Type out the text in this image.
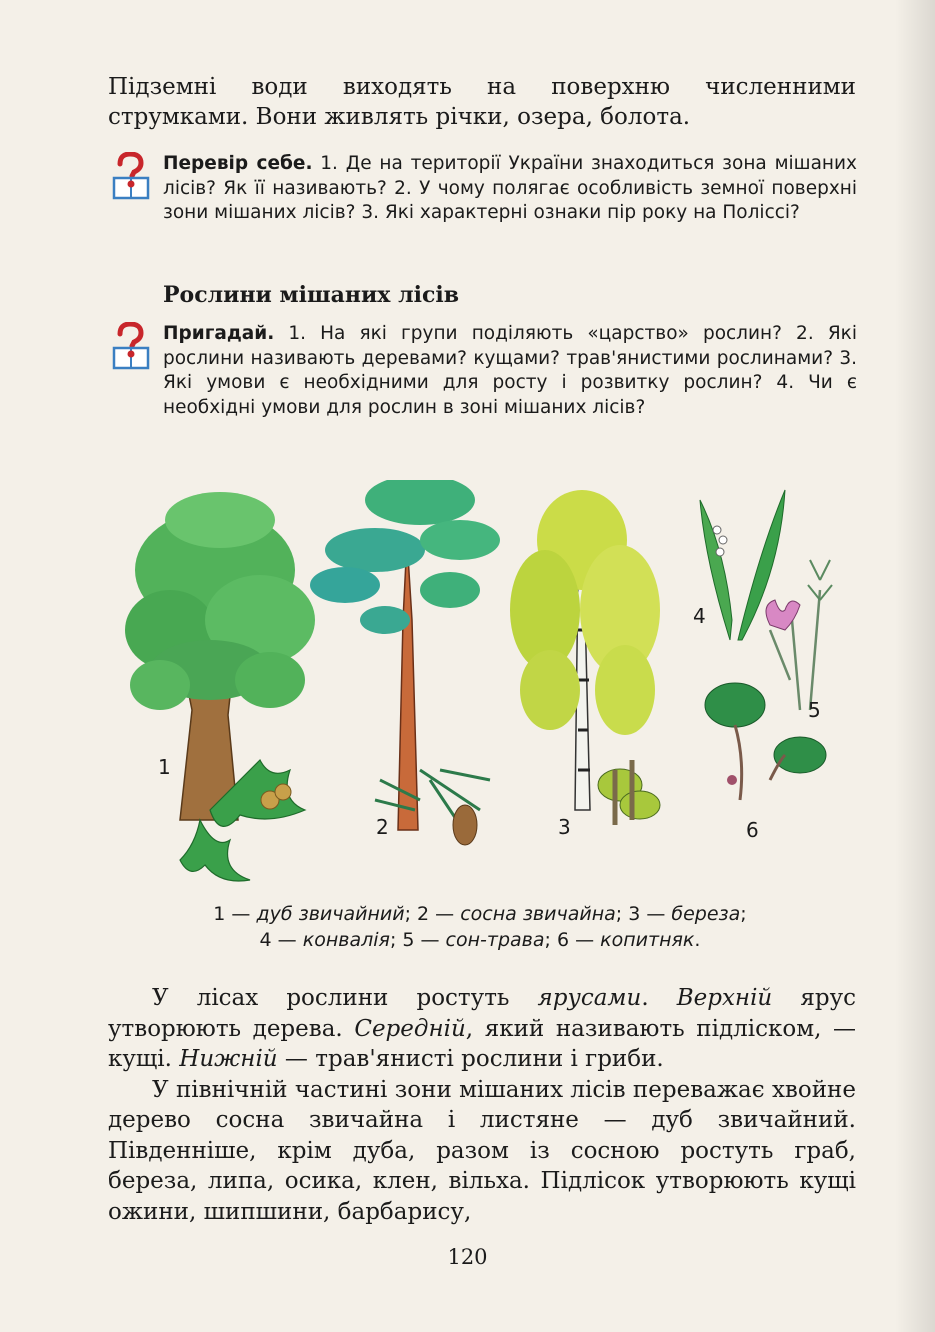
Підземні води виходять на поверхню численними струмками. Вони живлять річки, озера, болота.

Перевір себе. 1. Де на території України знаходиться зона мішаних лісів? Як її називають? 2. У чому полягає особливість земної поверхні зони мішаних лісів? 3. Які характерні ознаки пір року на Поліссі?

Рослини мішаних лісів

Пригадай. 1. На які групи поділяють «царство» рослин? 2. Які рослини називають деревами? кущами? трав'янистими рослинами? 3. Які умови є необхідними для росту і розвитку рослин? 4. Чи є необхідні умови для рослин в зоні мішаних лісів?

1
2	3
4
5
6
1 — дуб звичайний; 2 — сосна звичайна; 3 — береза;
4 — конвалія; 5 — сон-трава; 6 — копитняк.

У лісах рослини ростуть ярусами. Верхній ярус утворюють дерева. Середній, який називають підліском, — кущі. Нижній — трав'янисті рослини і гриби.

У північній частині зони мішаних лісів переважає хвойне дерево сосна звичайна і листяне — дуб звичайний. Південніше, крім дуба, разом із сосною ростуть граб, береза, липа, осика, клен, вільха. Підлісок утворюють кущі ожини, шипшини, барбарису,

120
